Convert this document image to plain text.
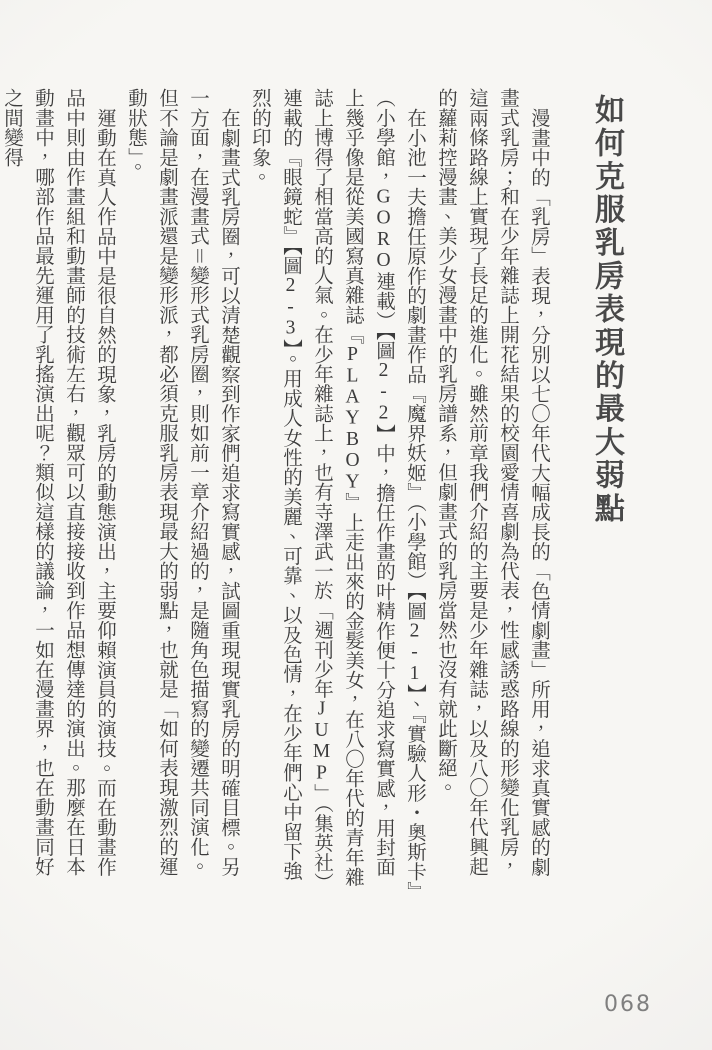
如何克服乳房表現的最大弱點

漫畫中的「乳房」表現，分別以七〇年代大幅成長的「色情劇畫」所用，追求真實感的劇畫式乳房；和在少年雜誌上開花結果的校園愛情喜劇為代表，性感誘惑路線的形變化乳房，這兩條路線上實現了長足的進化。雖然前章我們介紹的主要是少年雜誌，以及八〇年代興起的蘿莉控漫畫、美少女漫畫中的乳房譜系，但劇畫式的乳房當然也沒有就此斷絕。

在小池一夫擔任原作的劇畫作品『魔界妖姬』（小學館）【圖2-1】、『實驗人形・奧斯卡』（小學館，GORO連載）【圖2-2】中，擔任作畫的叶精作便十分追求寫實感，用封面上幾乎像是從美國寫真雜誌『PLAYBOY』上走出來的金髮美女，在八〇年代的青年雜誌上博得了相當高的人氣。在少年雜誌上，也有寺澤武一於「週刊少年JUMP」（集英社）連載的『眼鏡蛇』【圖2-3】。用成人女性的美麗、可靠、以及色情，在少年們心中留下強烈的印象。

在劇畫式乳房圈，可以清楚觀察到作家們追求寫實感，試圖重現現實乳房的明確目標。另一方面，在漫畫式＝變形式乳房圈，則如前一章介紹過的，是隨角色描寫的變遷共同演化。但不論是劇畫派還是變形派，都必須克服乳房表現最大的弱點，也就是「如何表現激烈的運動狀態」。

運動在真人作品中是很自然的現象，乳房的動態演出，主要仰賴演員的演技。而在動畫作品中則由作畫組和動畫師的技術左右，觀眾可以直接接收到作品想傳達的演出。那麼在日本動畫中，哪部作品最先運用了乳搖演出呢？類似這樣的議論，一如在漫畫界，也在動畫同好之間變得

068
